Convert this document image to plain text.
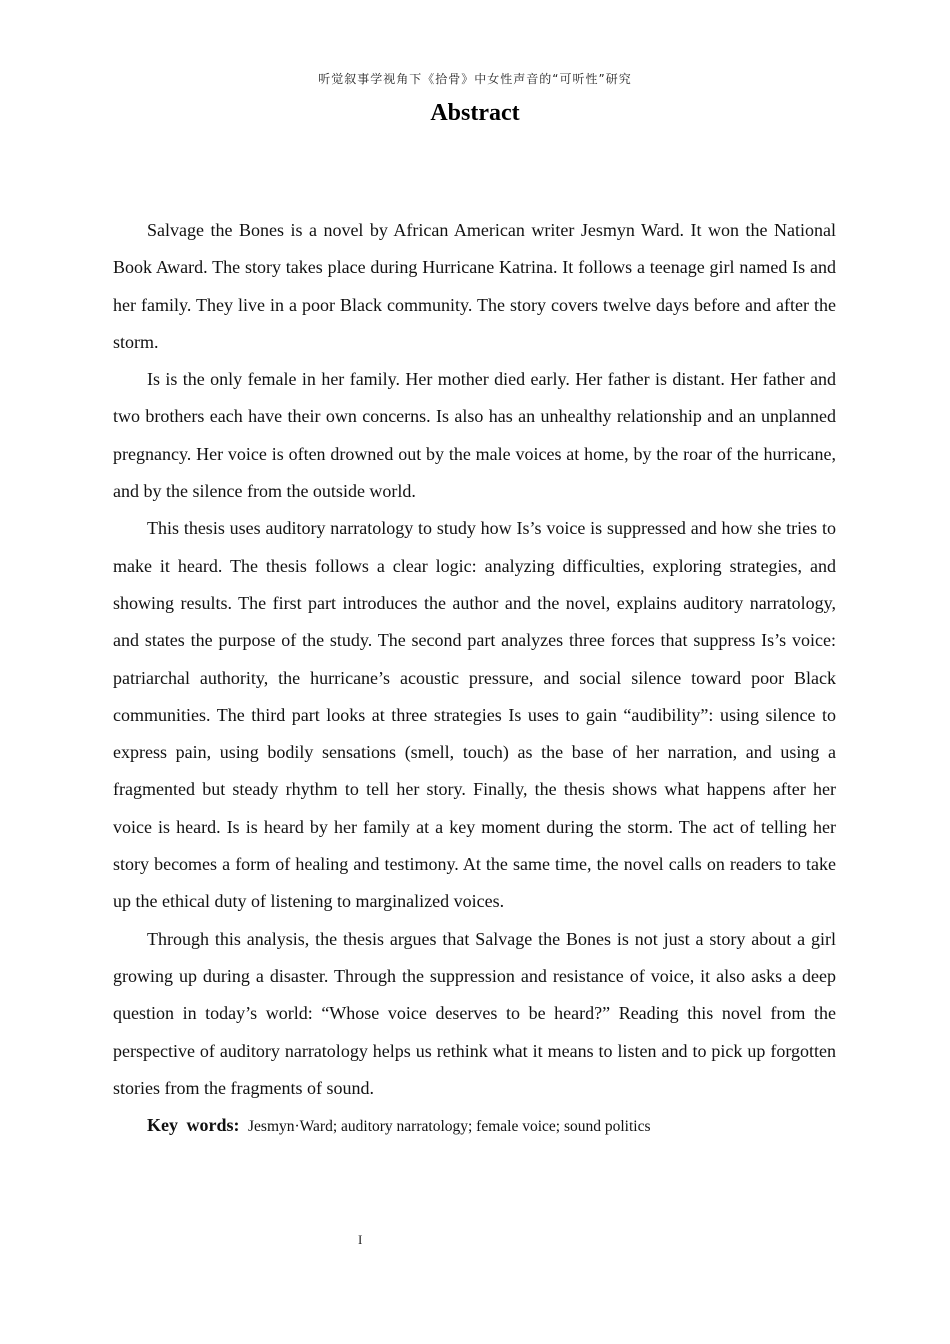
听觉叙事学视角下《拾骨》中女性声音的“可听性”研究
Abstract

Salvage the Bones is a novel by African American writer Jesmyn Ward. It won the National Book Award. The story takes place during Hurricane Katrina. It follows a teenage girl named Is and her family. They live in a poor Black community. The story covers twelve days before and after the storm.

Is is the only female in her family. Her mother died early. Her father is distant. Her father and two brothers each have their own concerns. Is also has an unhealthy relationship and an unplanned pregnancy. Her voice is often drowned out by the male voices at home, by the roar of the hurricane, and by the silence from the outside world.

This thesis uses auditory narratology to study how Is’s voice is suppressed and how she tries to make it heard. The thesis follows a clear logic: analyzing difficulties, exploring strategies, and showing results. The first part introduces the author and the novel, explains auditory narratology, and states the purpose of the study. The second part analyzes three forces that suppress Is’s voice: patriarchal authority, the hurricane’s acoustic pressure, and social silence toward poor Black communities. The third part looks at three strategies Is uses to gain “audibility”: using silence to express pain, using bodily sensations (smell, touch) as the base of her narration, and using a fragmented but steady rhythm to tell her story. Finally, the thesis shows what happens after her voice is heard. Is is heard by her family at a key moment during the storm. The act of telling her story becomes a form of healing and testimony. At the same time, the novel calls on readers to take up the ethical duty of listening to marginalized voices.

Through this analysis, the thesis argues that Salvage the Bones is not just a story about a girl growing up during a disaster. Through the suppression and resistance of voice, it also asks a deep question in today’s world: “Whose voice deserves to be heard?” Reading this novel from the perspective of auditory narratology helps us rethink what it means to listen and to pick up forgotten stories from the fragments of sound.

Key words: Jesmyn·Ward; auditory narratology; female voice; sound politics

I
